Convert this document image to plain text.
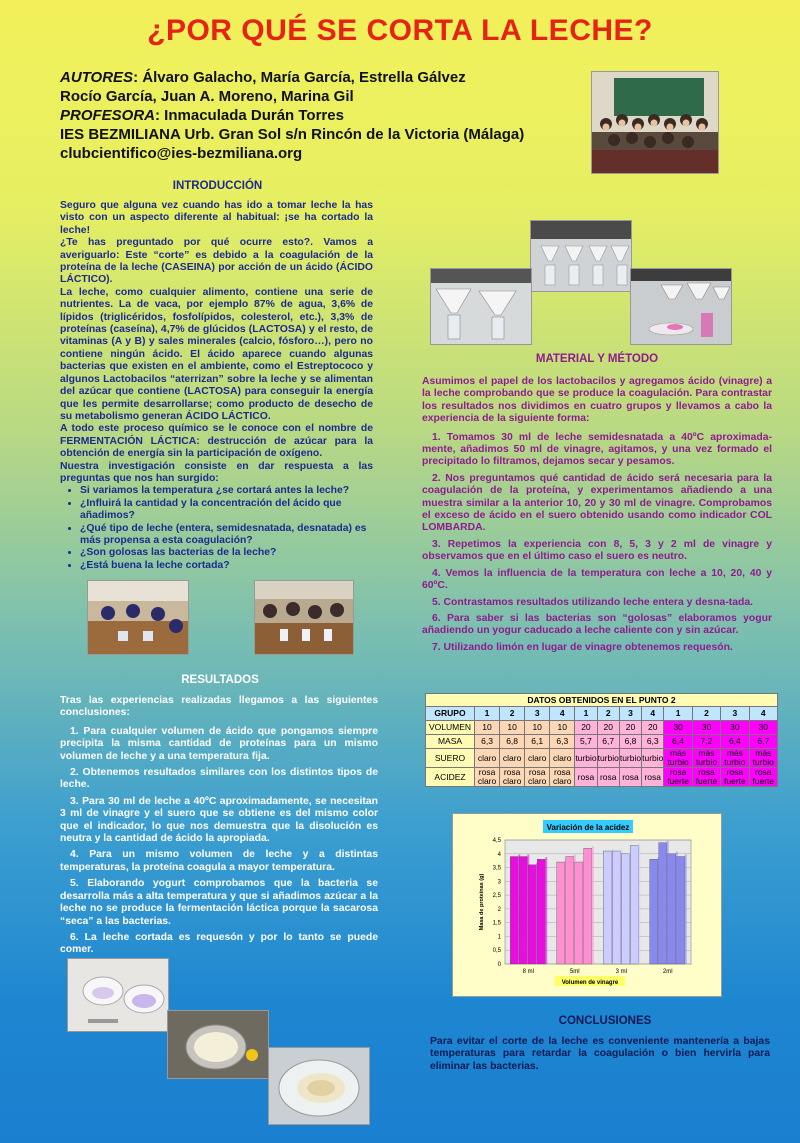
¿POR QUÉ SE CORTA LA LECHE?
AUTORES: Álvaro Galacho, María García, Estrella Gálvez
Rocío García, Juan A. Moreno, Marina Gil
PROFESORA: Inmaculada Durán Torres
IES BEZMILIANA Urb. Gran Sol s/n Rincón de la Victoria (Málaga)
clubcientifico@ies-bezmiliana.org
INTRODUCCIÓN

Seguro que alguna vez cuando has ido a tomar leche la has visto con un aspecto diferente al habitual: ¡se ha cortado la leche!

¿Te has preguntado por qué ocurre esto?. Vamos a averiguarlo: Este “corte” es debido a la coagulación de la proteína de la leche (CASEINA) por acción de un ácido (ÁCIDO LÁCTICO).

La leche, como cualquier alimento, contiene una serie de nutrientes. La de vaca, por ejemplo 87% de agua, 3,6% de lípidos (triglicéridos, fosfolípidos, colesterol, etc.), 3,3% de proteínas (caseína), 4,7% de glúcidos (LACTOSA) y el resto, de vitaminas (A y B) y sales minerales (calcio, fósforo…), pero no contiene ningún ácido. El ácido aparece cuando algunas bacterias que existen en el ambiente, como el Estreptococo y algunos Lactobacilos “aterrizan” sobre la leche y se alimentan del azúcar que contiene (LACTOSA) para conseguir la energía que les permite desarrollarse; como producto de desecho de su metabolismo generan ÁCIDO LÁCTICO.

A todo este proceso químico se le conoce con el nombre de FERMENTACIÓN LÁCTICA: destrucción de azúcar para la obtención de energía sin la participación de oxígeno.

Nuestra investigación consiste en dar respuesta a las preguntas que nos han surgido:

• Si variamos la temperatura ¿se cortará antes la leche?
• ¿Influirá la cantidad y la concentración del ácido que añadimos?
• ¿Qué tipo de leche (entera, semidesnatada, desnatada) es más propensa a esta coagulación?
• ¿Son golosas las bacterias de la leche?
• ¿Está buena la leche cortada?
MATERIAL Y MÉTODO

Asumimos el papel de los lactobacilos y agregamos ácido (vinagre) a la leche comprobando que se produce la coagulación. Para contrastar los resultados nos dividimos en cuatro grupos y llevamos a cabo la experiencia de la siguiente forma:

1. Tomamos 30 ml de leche semidesnatada a 40ºC aproximada-mente, añadimos 50 ml de vinagre, agitamos, y una vez formado el precipitado lo filtramos, dejamos secar y pesamos.
2. Nos preguntamos qué cantidad de ácido será necesaria para la coagulación de la proteína, y experimentamos añadiendo a una muestra similar a la anterior 10, 20 y 30 ml de vinagre. Comprobamos el exceso de ácido en el suero obtenido usando como indicador COL LOMBARDA.
3. Repetimos la experiencia con 8, 5, 3 y 2 ml de vinagre y observamos que en el último caso el suero es neutro.
4. Vemos la influencia de la temperatura con leche a 10, 20, 40 y 60ºC.
5. Contrastamos resultados utilizando leche entera y desna-tada.
6. Para saber si las bacterias son “golosas” elaboramos yogur añadiendo un yogur caducado a leche caliente con y sin azúcar.
7. Utilizando limón en lugar de vinagre obtenemos requesón.
DATOS OBTENIDOS EN EL PUNTO 2												
GRUPO	1	2	3	4	1	2	3	4	1	2	3	4
VOLUMEN	10	10	10	10	20	20	20	20	30	30	30	30
MASA	6,3	6,8	6,1	6,3	5,7	6,7	6,8	6,3	6,4	7,2	6,4	6,7
SUERO	claro	claro	claro	claro	turbio	turbio	turbio	turbio	más turbio	más turbio	más turbio	más turbio
ACIDEZ	rosa claro	rosa claro	rosa claro	rosa claro	rosa	rosa	rosa	rosa	rosa fuerte	rosa fuerte	rosa fuerte	rosa fuerte
Variación de la acidez
0
0,5
1
1,5
2
2,5
3
3,5
4
4,5
Masa de proteínas (g)
8 ml	5ml	3 ml	2ml
Volumen de vinagre
RESULTADOS

Tras las experiencias realizadas llegamos a las siguientes conclusiones:

1. Para cualquier volumen de ácido que pongamos siempre precipita la misma cantidad de proteínas para un mismo volumen de leche y a una temperatura fija.
2. Obtenemos resultados similares con los distintos tipos de leche.
3. Para 30 ml de leche a 40ºC aproximadamente, se necesitan 3 ml de vinagre y el suero que se obtiene es del mismo color que el indicador, lo que nos demuestra que la disolución es neutra y la cantidad de ácido la apropiada.
4. Para un mismo volumen de leche y a distintas temperaturas, la proteína coagula a mayor temperatura.
5. Elaborando yogurt comprobamos que la bacteria se desarrolla más a alta temperatura y que si añadimos azúcar a la leche no se produce la fermentación láctica porque la sacarosa “seca” a las bacterias.
6. La leche cortada es requesón y por lo tanto se puede comer.
CONCLUSIONES

Para evitar el corte de la leche es conveniente mantenería a bajas temperaturas para retardar la coagulación o bien hervirla para eliminar las bacterias.
